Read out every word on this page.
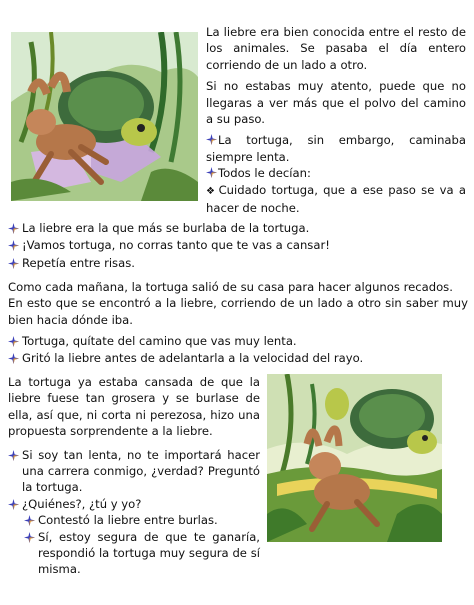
La liebre era bien conocida entre el resto de los animales. Se pasaba el día entero corriendo de un lado a otro.

Si no estabas muy atento, puede que no llegaras a ver más que el polvo del camino a su paso.

La tortuga, sin embargo, caminaba siempre lenta.
Todos le decían:
❖ Cuidado tortuga, que a ese paso se va a hacer de noche.
La liebre era la que más se burlaba de la tortuga.
¡Vamos tortuga, no corras tanto que te vas a cansar!
Repetía entre risas.

Como cada mañana, la tortuga salió de su casa para hacer algunos recados.

En esto que se encontró a la liebre, corriendo de un lado a otro sin saber muy bien hacia dónde iba.

Tortuga, quítate del camino que vas muy lenta.
Gritó la liebre antes de adelantarla a la velocidad del rayo.

La tortuga ya estaba cansada de que la liebre fuese tan grosera y se burlase de ella, así que, ni corta ni perezosa, hizo una propuesta sorprendente a la liebre.

Si soy tan lenta, no te importará hacer una carrera conmigo, ¿verdad? Preguntó la tortuga.
¿Quiénes?, ¿tú y yo?
Contestó la liebre entre burlas.
Sí, estoy segura de que te ganaría, respondió la tortuga muy segura de sí misma.
